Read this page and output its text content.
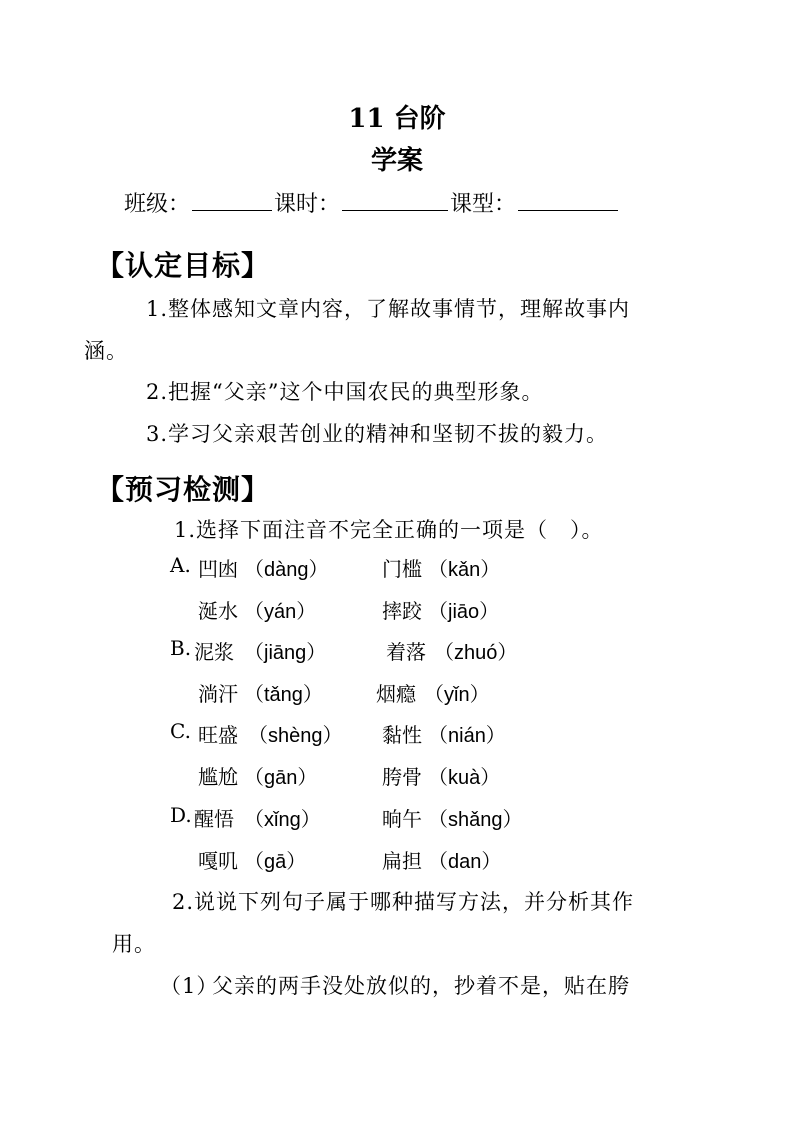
11 台阶
学案
班级：	课时：	课型：
【认定目标】
1.整体感知文章内容，了解故事情节，理解故事内
涵。
2.把握“父亲”这个中国农民的典型形象。
3.学习父亲艰苦创业的精神和坚韧不拔的毅力。
【预习检测】
1.选择下面注音不完全正确的一项是（　）。
A. 凹凼 （dàng）	门槛 （kǎn）
涎水 （yán）	摔跤 （jiāo）
B. 泥浆 （jiāng）	着落 （zhuó）
淌汗 （tǎng）	烟瘾 （yǐn）
C. 旺盛 （shèng） 黏性 （nián）
尴尬 （gān）	胯骨 （kuà）
D. 醒悟 （xǐng）	晌午 （shǎng）
嘎叽 （gā）	扁担 （dan）
2.说说下列句子属于哪种描写方法，并分析其作
用。
（1）
父亲的两手没处放似的，抄着不是，贴在胯
